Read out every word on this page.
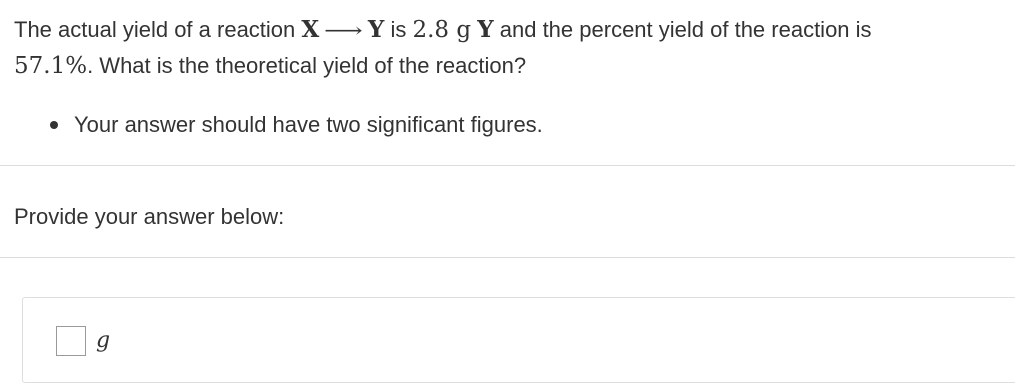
The actual yield of a reaction X ⟶ Y is 2.8 g Y and the percent yield of the reaction is
57.1%. What is the theoretical yield of the reaction?
Your answer should have two significant figures.
Provide your answer below:
g
